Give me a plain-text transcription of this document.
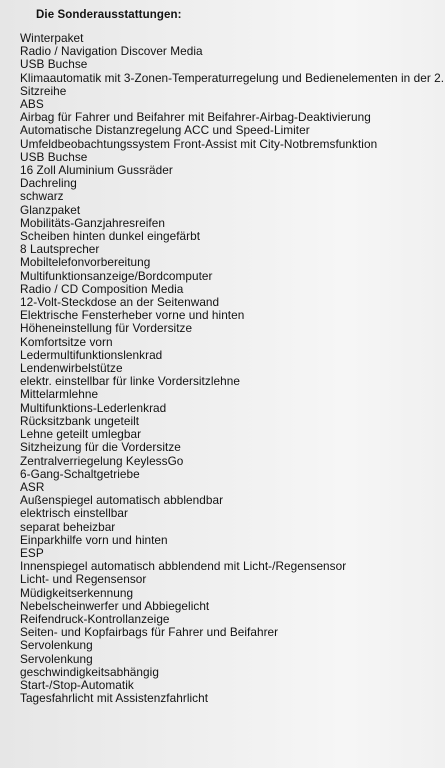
Die Sonderausstattungen:
Winterpaket
Radio / Navigation Discover Media
USB Buchse
Klimaautomatik mit 3-Zonen-Temperaturregelung und Bedienelementen in der 2.
Sitzreihe
ABS
Airbag für Fahrer und Beifahrer mit Beifahrer-Airbag-Deaktivierung
Automatische Distanzregelung ACC und Speed-Limiter
Umfeldbeobachtungssystem Front-Assist mit City-Notbremsfunktion
USB Buchse
16 Zoll Aluminium Gussräder
Dachreling
schwarz
Glanzpaket
Mobilitäts-Ganzjahresreifen
Scheiben hinten dunkel eingefärbt
8 Lautsprecher
Mobiltelefonvorbereitung
Multifunktionsanzeige/Bordcomputer
Radio / CD Composition Media
12-Volt-Steckdose an der Seitenwand
Elektrische Fensterheber vorne und hinten
Höheneinstellung für Vordersitze
Komfortsitze vorn
Ledermultifunktionslenkrad
Lendenwirbelstütze
elektr. einstellbar für linke Vordersitzlehne
Mittelarmlehne
Multifunktions-Lederlenkrad
Rücksitzbank ungeteilt
Lehne geteilt umlegbar
Sitzheizung für die Vordersitze
Zentralverriegelung KeylessGo
6-Gang-Schaltgetriebe
ASR
Außenspiegel automatisch abblendbar
elektrisch einstellbar
separat beheizbar
Einparkhilfe vorn und hinten
ESP
Innenspiegel automatisch abblendend mit Licht-/Regensensor
Licht- und Regensensor
Müdigkeitserkennung
Nebelscheinwerfer und Abbiegelicht
Reifendruck-Kontrollanzeige
Seiten- und Kopfairbags für Fahrer und Beifahrer
Servolenkung
Servolenkung
geschwindigkeitsabhängig
Start-/Stop-Automatik
Tagesfahrlicht mit Assistenzfahrlicht
